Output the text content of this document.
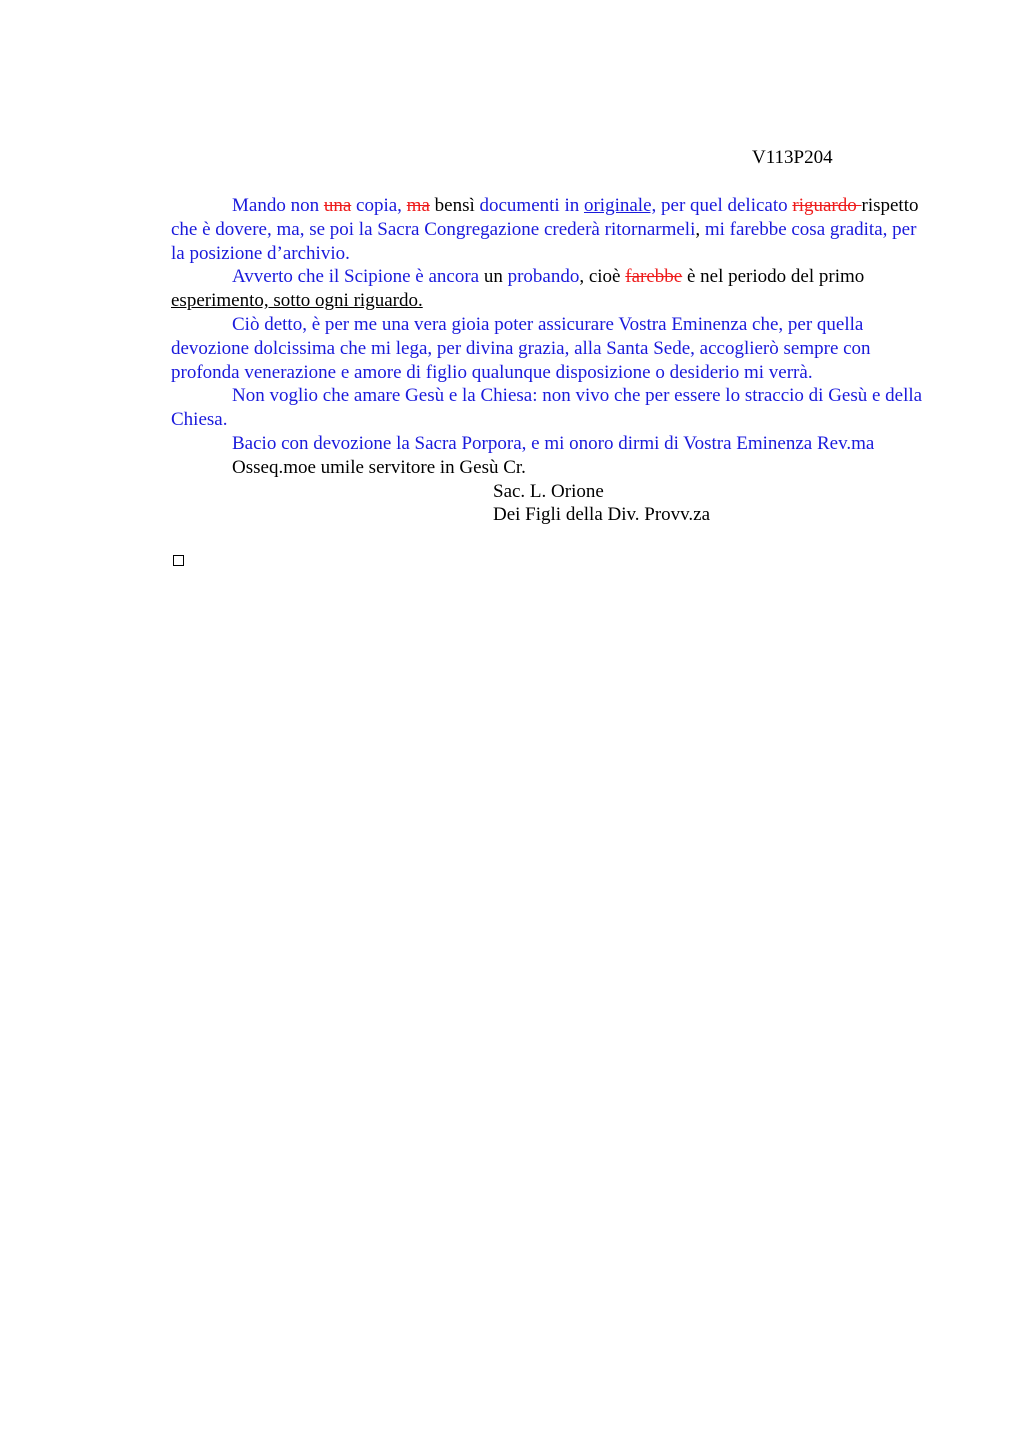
V113P204

Mando non una copia, ma bensì documenti in originale, per quel delicato riguardo rispetto che è dovere, ma, se poi la Sacra Congregazione crederà ritornarmeli, mi farebbe cosa gradita, per la posizione d’archivio.

Avverto che il Scipione è ancora un probando, cioè farebbe è nel periodo del primo esperimento, sotto ogni riguardo.

Ciò detto, è per me una vera gioia poter assicurare Vostra Eminenza che, per quella devozione dolcissima che mi lega, per divina grazia, alla Santa Sede, accoglierò sempre con profonda venerazione e amore di figlio qualunque disposizione o desiderio mi verrà.

Non voglio che amare Gesù e la Chiesa: non vivo che per essere lo straccio di Gesù e della Chiesa.

Bacio con devozione la Sacra Porpora, e mi onoro dirmi di Vostra Eminenza Rev.ma

Osseq.moe umile servitore in Gesù Cr.

Sac. L. Orione

Dei Figli della Div. Provv.za
